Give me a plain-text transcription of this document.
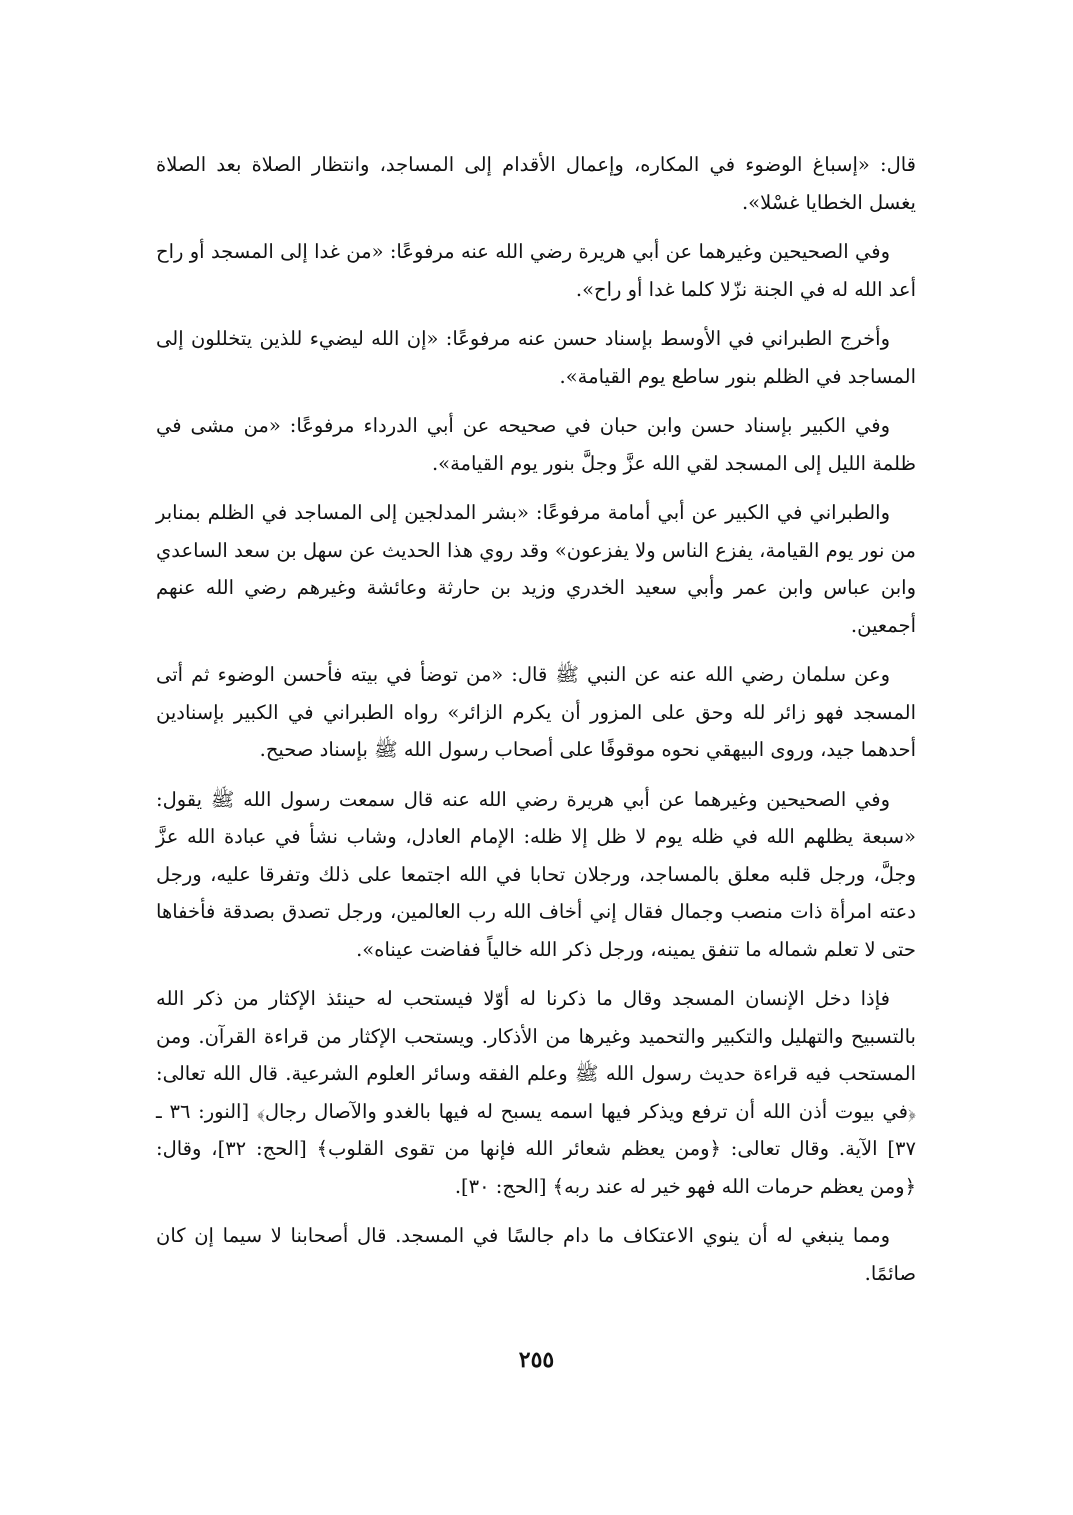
قال: «إسباغ الوضوء في المكاره، وإعمال الأقدام إلى المساجد، وانتظار الصلاة بعد الصلاة يغسل الخطايا غسْلا».

وفي الصحيحين وغيرهما عن أبي هريرة رضي الله عنه مرفوعًا: «من غدا إلى المسجد أو راح أعد الله له في الجنة نزّلا كلما غدا أو راح».

وأخرج الطبراني في الأوسط بإسناد حسن عنه مرفوعًا: «إن الله ليضيء للذين يتخللون إلى المساجد في الظلم بنور ساطع يوم القيامة».

وفي الكبير بإسناد حسن وابن حبان في صحيحه عن أبي الدرداء مرفوعًا: «من مشى في ظلمة الليل إلى المسجد لقي الله عزَّ وجلَّ بنور يوم القيامة».

والطبراني في الكبير عن أبي أمامة مرفوعًا: «بشر المدلجين إلى المساجد في الظلم بمنابر من نور يوم القيامة، يفزع الناس ولا يفزعون» وقد روي هذا الحديث عن سهل بن سعد الساعدي وابن عباس وابن عمر وأبي سعيد الخدري وزيد بن حارثة وعائشة وغيرهم رضي الله عنهم أجمعين.

وعن سلمان رضي الله عنه عن النبي ﷺ قال: «من توضأ في بيته فأحسن الوضوء ثم أتى المسجد فهو زائر لله وحق على المزور أن يكرم الزائر» رواه الطبراني في الكبير بإسنادين أحدهما جيد، وروى البيهقي نحوه موقوفًا على أصحاب رسول الله ﷺ بإسناد صحيح.

وفي الصحيحين وغيرهما عن أبي هريرة رضي الله عنه قال سمعت رسول الله ﷺ يقول: «سبعة يظلهم الله في ظله يوم لا ظل إلا ظله: الإمام العادل، وشاب نشأ في عبادة الله عزَّ وجلَّ، ورجل قلبه معلق بالمساجد، ورجلان تحابا في الله اجتمعا على ذلك وتفرقا عليه، ورجل دعته امرأة ذات منصب وجمال فقال إني أخاف الله رب العالمين، ورجل تصدق بصدقة فأخفاها حتى لا تعلم شماله ما تنفق يمينه، ورجل ذكر الله خالياً ففاضت عيناه».

فإذا دخل الإنسان المسجد وقال ما ذكرنا له أوّلا فيستحب له حينئذ الإكثار من ذكر الله بالتسبيح والتهليل والتكبير والتحميد وغيرها من الأذكار. ويستحب الإكثار من قراءة القرآن. ومن المستحب فيه قراءة حديث رسول الله ﷺ وعلم الفقه وسائر العلوم الشرعية. قال الله تعالى: ﴿في بيوت أذن الله أن ترفع ويذكر فيها اسمه يسبح له فيها بالغدو والآصال رجال﴾ [النور: ٣٦ ـ ٣٧] الآية. وقال تعالى: ﴿ومن يعظم شعائر الله فإنها من تقوى القلوب﴾ [الحج: ٣٢]، وقال: ﴿ومن يعظم حرمات الله فهو خير له عند ربه﴾ [الحج: ٣٠].

ومما ينبغي له أن ينوي الاعتكاف ما دام جالسًا في المسجد. قال أصحابنا لا سيما إن كان صائمًا.

٢٥٥
